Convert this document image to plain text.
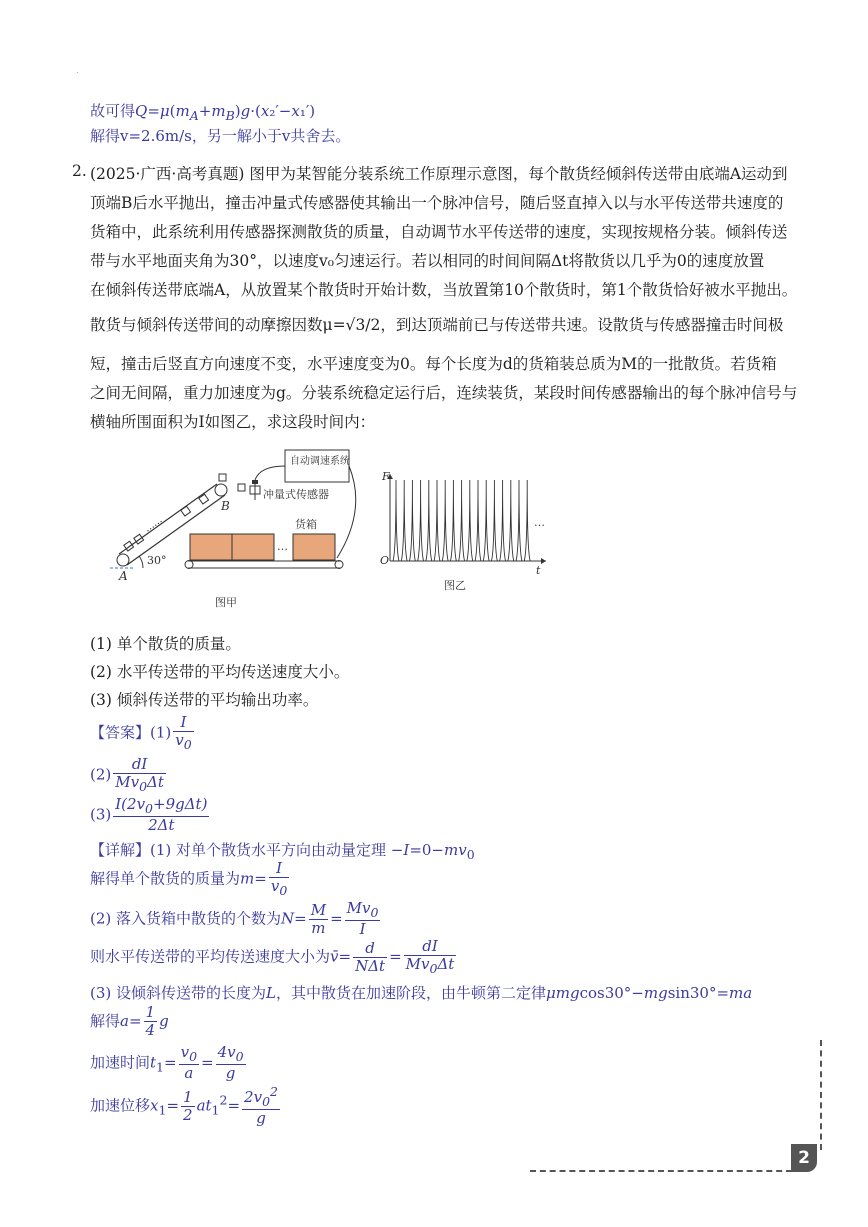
.
故可得$Q=\mu(m_A+m_B)g\cdot(x_2'-x_1')$
解得v=2.6m/s，另一解小于v共舍去。
2. (2025·广西·高考真题) 图甲为某智能分装系统工作原理示意图，每个散货经倾斜传送带由底端A运动到
顶端B后水平抛出，撞击冲量式传感器使其输出一个脉冲信号，随后竖直掉入以与水平传送带共速度的
货箱中，此系统利用传感器探测散货的质量，自动调节水平传送带的速度，实现按规格分装。倾斜传送
带与水平地面夹角为30°，以速度v₀匀速运行。若以相同的时间间隔Δt将散货以几乎为0的速度放置
在倾斜传送带底端A，从放置某个散货时开始计数，当放置第10个散货时，第1个散货恰好被水平抛出。
散货与倾斜传送带间的动摩擦因数μ=√3/2，到达顶端前已与传送带共速。设散货与传感器撞击时间极
短，撞击后竖直方向速度不变，水平速度变为0。每个长度为d的货箱装总质为M的一批散货。若货箱
之间无间隔，重力加速度为g。分装系统稳定运行后，连续装货，某段时间传感器输出的每个脉冲信号与
横轴所围面积为I如图乙，求这段时间内：
......
30°
A
B
自动调速系统
冲量式传感器
货箱
…
图甲
F
O
t
…
图乙
(1) 单个散货的质量。
(2) 水平传送带的平均传送速度大小。
(3) 倾斜传送带的平均输出功率。
【答案】$(1) \frac{I}{v_0}$
$(2) \frac{dI}{Mv_0\Delta t}$
$(3) \frac{I(2v_0+9g\Delta t)}{2\Delta t}$
【详解】(1) 对单个散货水平方向由动量定理 $-I=0-mv_0$
解得单个散货的质量为$m= \frac{I}{v_0}$
(2) 落入货箱中散货的个数为$N= \frac{M}{m} = \frac{Mv_0}{I}$
则水平传送带的平均传送速度大小为v̄= $\frac{d}{\text{NΔt}} = \frac{dI}{Mv_0\Delta t}$
(3) 设倾斜传送带的长度为L，其中散货在加速阶段，由牛顿第二定律μmgcos30°−mgsin30°=ma
解得$a= \frac{1}{4}$ g
加速时间$t_1= \frac{v_0}{a} = \frac{4v_0}{g}$
加速位移$x_1= \frac{1}{2} at_1^2= \frac{2v_0^2}{g}$
2
